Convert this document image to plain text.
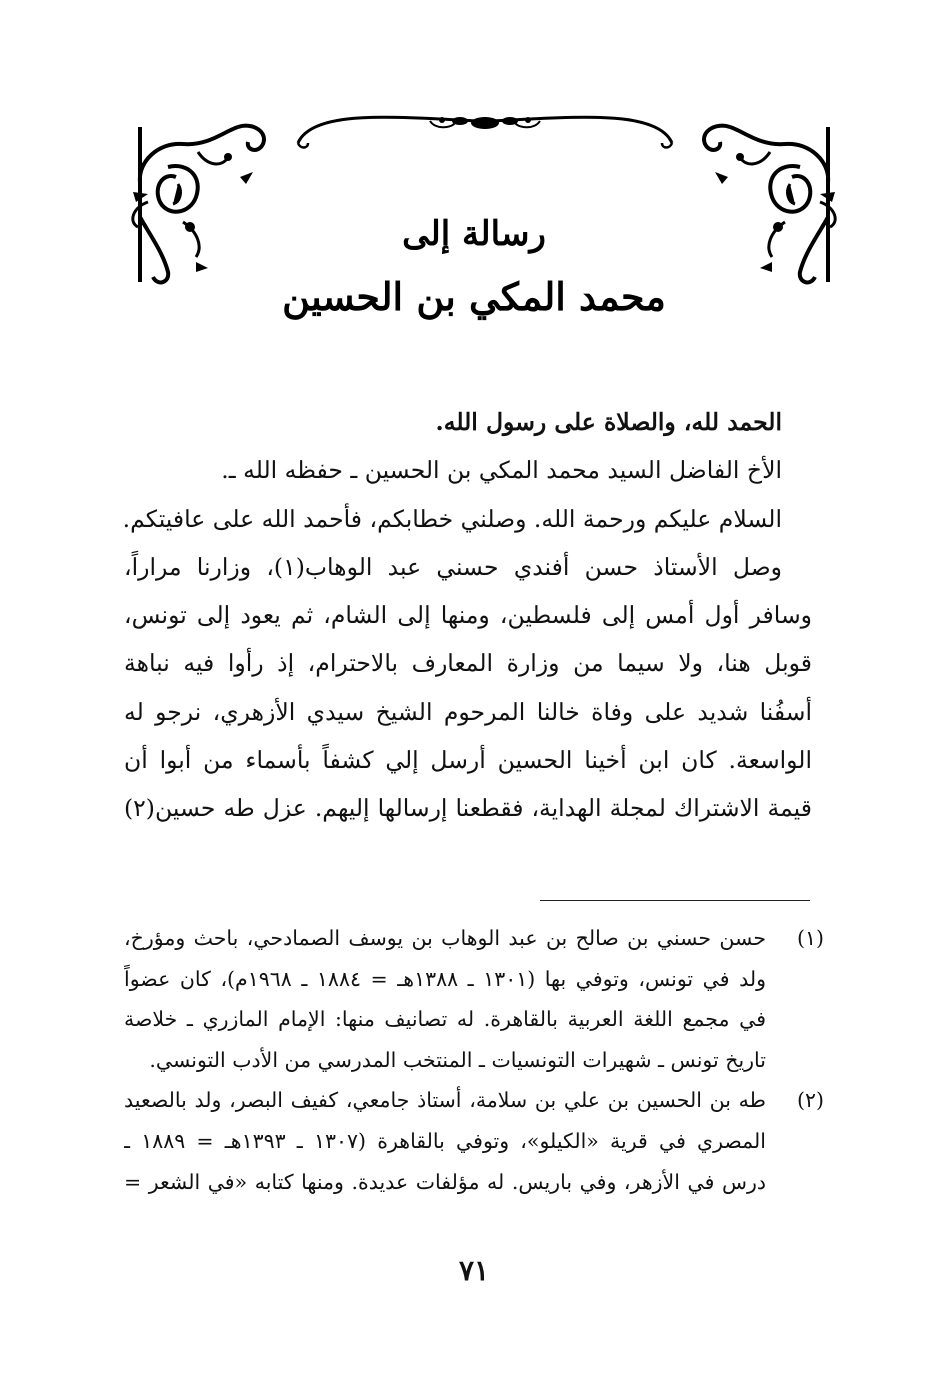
رسالة إلى
محمد المكي بن الحسين

الحمد لله، والصلاة على رسول الله.

الأخ الفاضل السيد محمد المكي بن الحسين ـ حفظه الله ـ.

السلام عليكم ورحمة الله. وصلني خطابكم، فأحمد الله على عافيتكم.

وصل الأستاذ حسن أفندي حسني عبد الوهاب(١)، وزارنا مراراً،

وسافر أول أمس إلى فلسطين، ومنها إلى الشام، ثم يعود إلى تونس،

قوبل هنا، ولا سيما من وزارة المعارف بالاحترام، إذ رأوا فيه نباهة

أسفُنا شديد على وفاة خالنا المرحوم الشيخ سيدي الأزهري، نرجو له

الواسعة. كان ابن أخينا الحسين أرسل إلي كشفاً بأسماء من أبوا أن

قيمة الاشتراك لمجلة الهداية، فقطعنا إرسالها إليهم. عزل طه حسين(٢)

(١)

حسن حسني بن صالح بن عبد الوهاب بن يوسف الصمادحي، باحث ومؤرخ،

ولد في تونس، وتوفي بها (١٣٠١ ـ ١٣٨٨هـ = ١٨٨٤ ـ ١٩٦٨م)، كان عضواً

في مجمع اللغة العربية بالقاهرة. له تصانيف منها: الإمام المازري ـ خلاصة

تاريخ تونس ـ شهيرات التونسيات ـ المنتخب المدرسي من الأدب التونسي.

(٢)

طه بن الحسين بن علي بن سلامة، أستاذ جامعي، كفيف البصر، ولد بالصعيد

المصري في قرية «الكيلو»، وتوفي بالقاهرة (١٣٠٧ ـ ١٣٩٣هـ = ١٨٨٩ ـ

درس في الأزهر، وفي باريس. له مؤلفات عديدة. ومنها كتابه «في الشعر =

٧١
